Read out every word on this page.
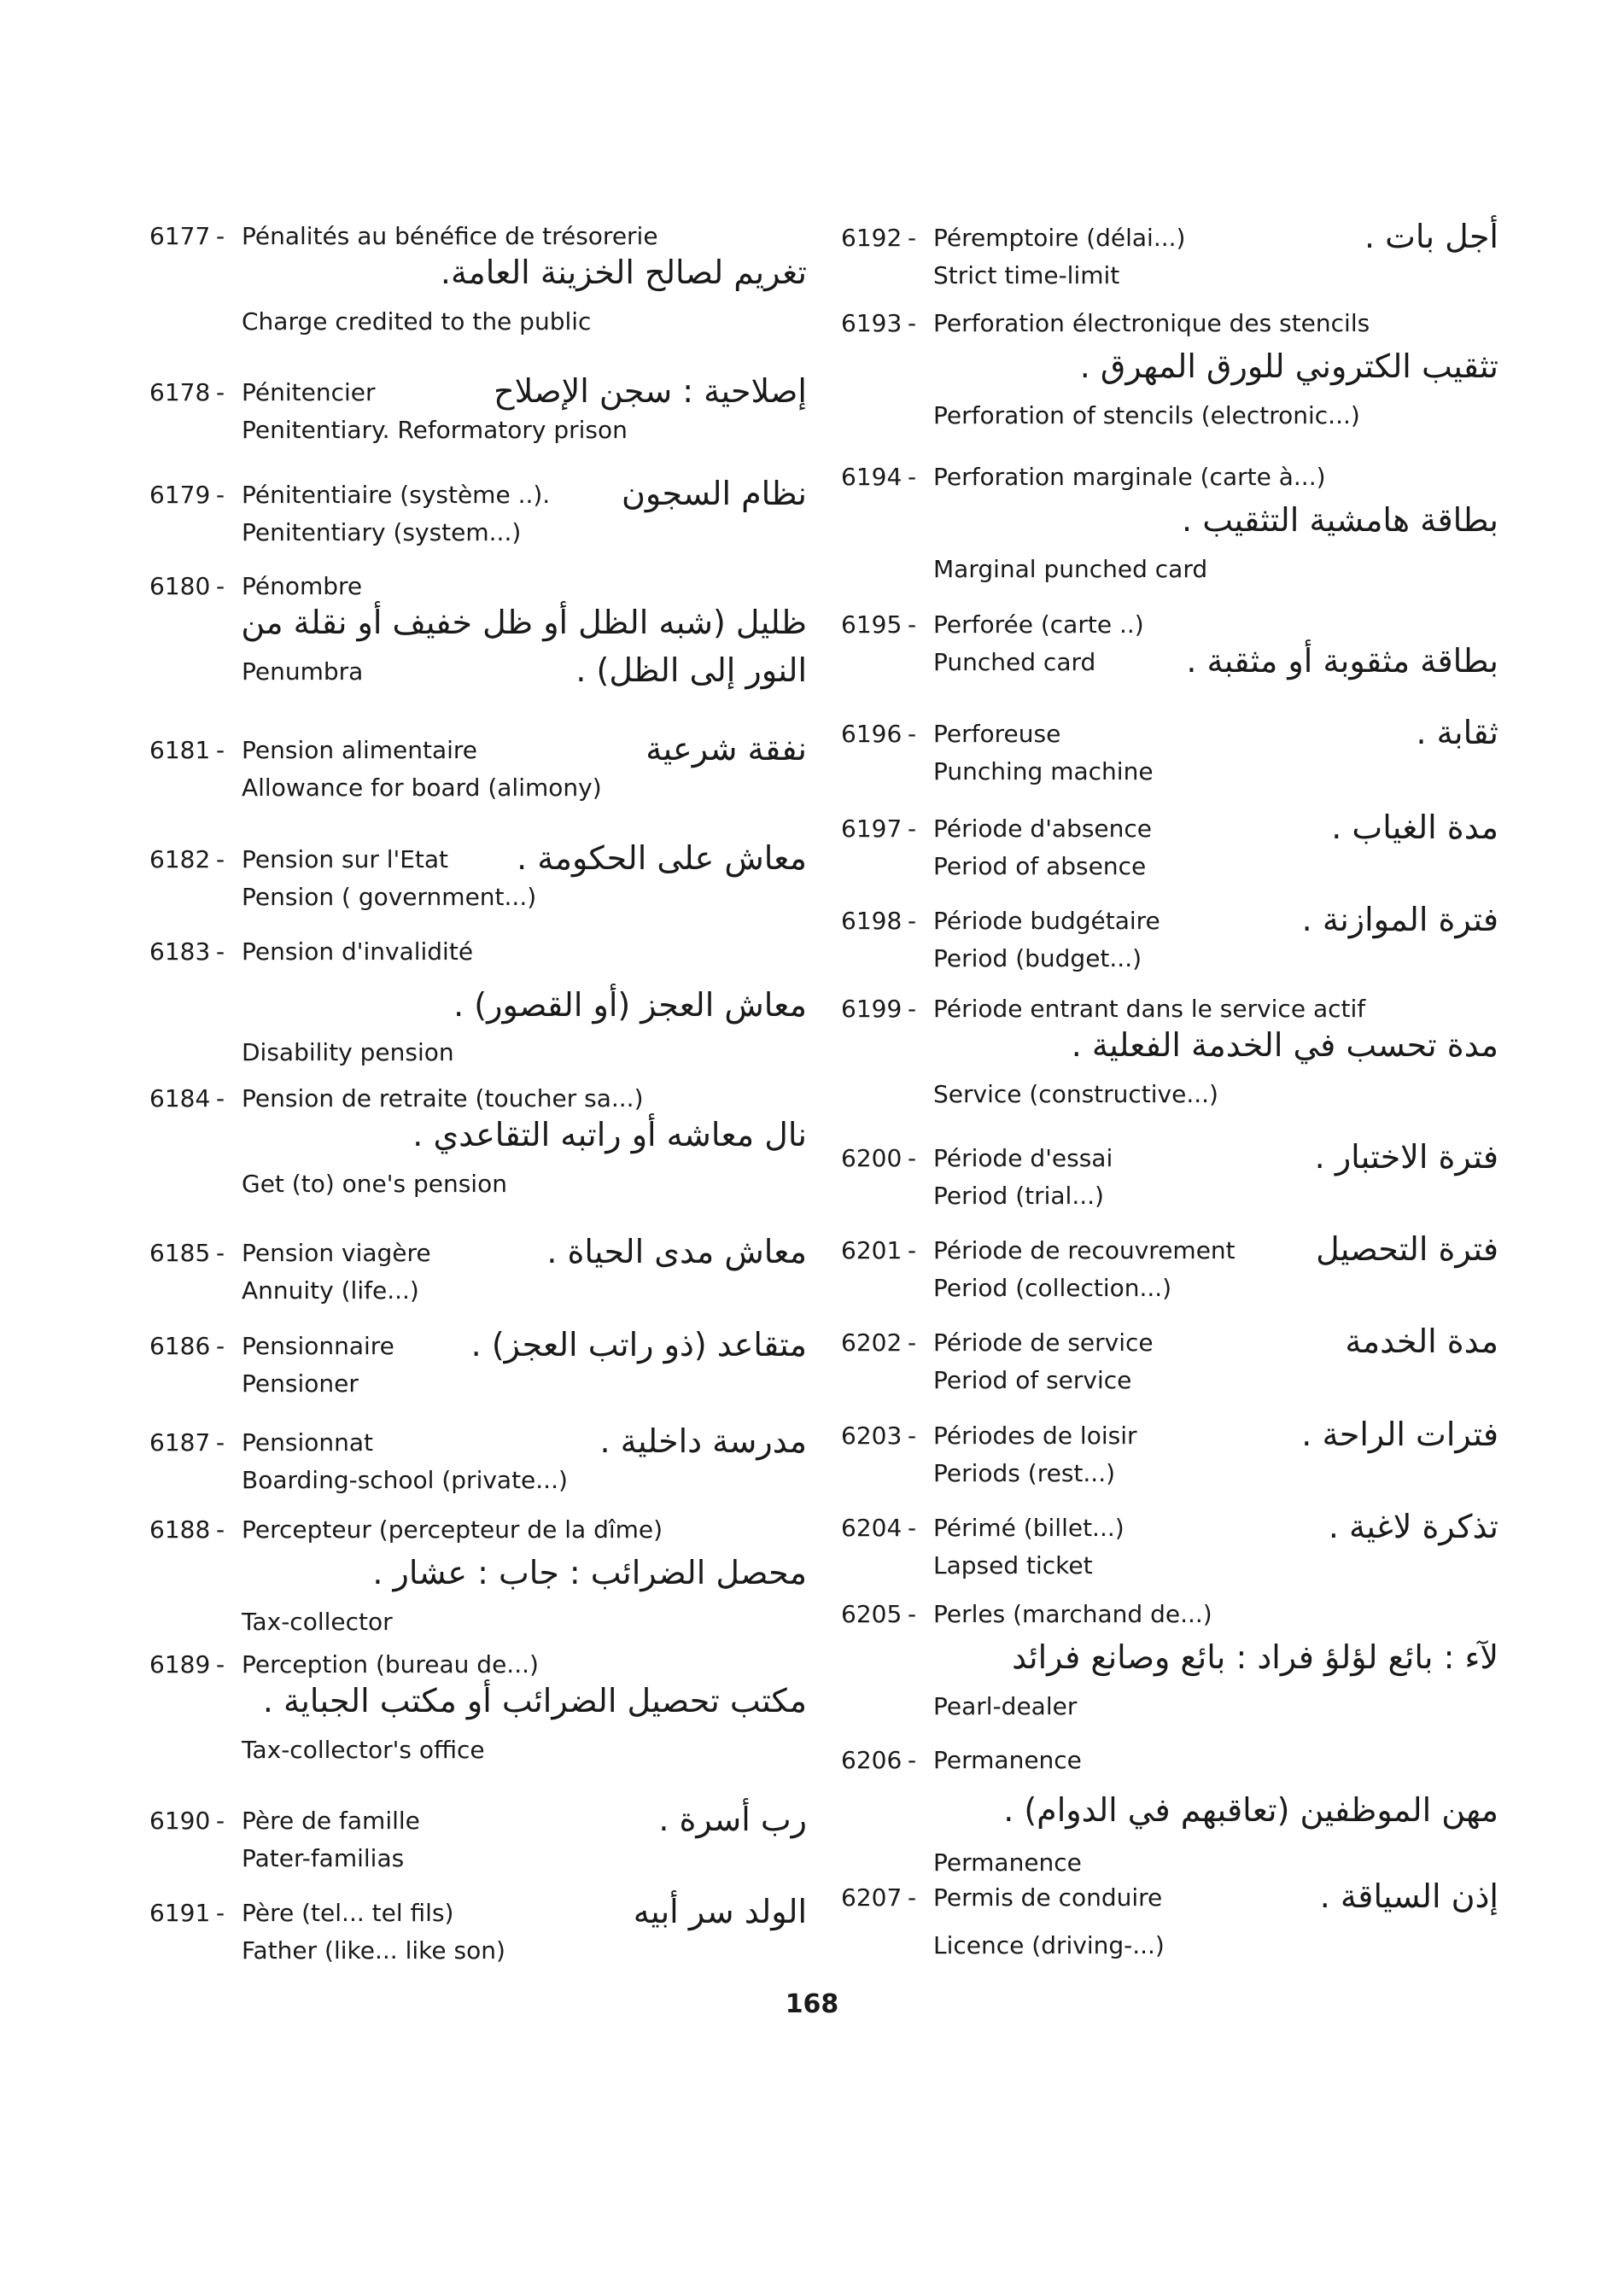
6177 - Pénalités au bénéfice de trésorerie
تغريم لصالح الخزينة العامة.
Charge credited to the public
6178 - Pénitencier	إصلاحية : سجن الإصلاح
Penitentiary. Reformatory prison
6179 - Pénitentiaire (système ..). نظام السجون
Penitentiary (system...)
6180 - Pénombre
ظليل (شبه الظل أو ظل خفيف أو نقلة من
Penumbra	النور إلى الظل) .
6181 - Pension alimentaire	نفقة شرعية
Allowance for board (alimony)
6182 - Pension sur l'Etat معاش على الحكومة .
Pension ( government...)
6183 - Pension d'invalidité
معاش العجز (أو القصور) .
Disability pension
6184 - Pension de retraite (toucher sa...)
نال معاشه أو راتبه التقاعدي .
Get (to) one's pension
6185 - Pension viagère	معاش مدى الحياة .
Annuity (life...)
6186 - Pensionnaire متقاعد (ذو راتب العجز) .
Pensioner
6187 - Pensionnat	مدرسة داخلية .
Boarding-school (private...)
6188 - Percepteur (percepteur de la dîme)
محصل الضرائب : جاب : عشار .
Tax-collector
6189 - Perception (bureau de...)
مكتب تحصيل الضرائب أو مكتب الجباية .
Tax-collector's office
6190 - Père de famille	رب أسرة .
Pater-familias
6191 - Père (tel... tel fils)	الولد سر أبيه
Father (like... like son)
6192 - Péremptoire (délai...)	أجل بات .
Strict time-limit
6193 - Perforation électronique des stencils
تثقيب الكتروني للورق المهرق .
Perforation of stencils (electronic...)
6194 - Perforation marginale (carte à...)
بطاقة هامشية التثقيب .
Marginal punched card
6195 - Perforée (carte ..)
Punched card	بطاقة مثقوبة أو مثقبة .
6196 - Perforeuse	ثقابة .
Punching machine
6197 - Période d'absence	مدة الغياب .
Period of absence
6198 - Période budgétaire	فترة الموازنة .
Period (budget...)
6199 - Période entrant dans le service actif
مدة تحسب في الخدمة الفعلية .
Service (constructive...)
6200 - Période d'essai	فترة الاختبار .
Period (trial...)
6201 - Période de recouvrement فترة التحصيل
Period (collection...)
6202 - Période de service	مدة الخدمة
Period of service
6203 - Périodes de loisir	فترات الراحة .
Periods (rest...)
6204 - Périmé (billet...)	تذكرة لاغية .
Lapsed ticket
6205 - Perles (marchand de...)
لآء : بائع لؤلؤ فراد : بائع وصانع فرائد
Pearl-dealer
6206 - Permanence
مهن الموظفين (تعاقبهم في الدوام) .
Permanence
6207 - Permis de conduire	إذن السياقة .
Licence (driving-...)
168
